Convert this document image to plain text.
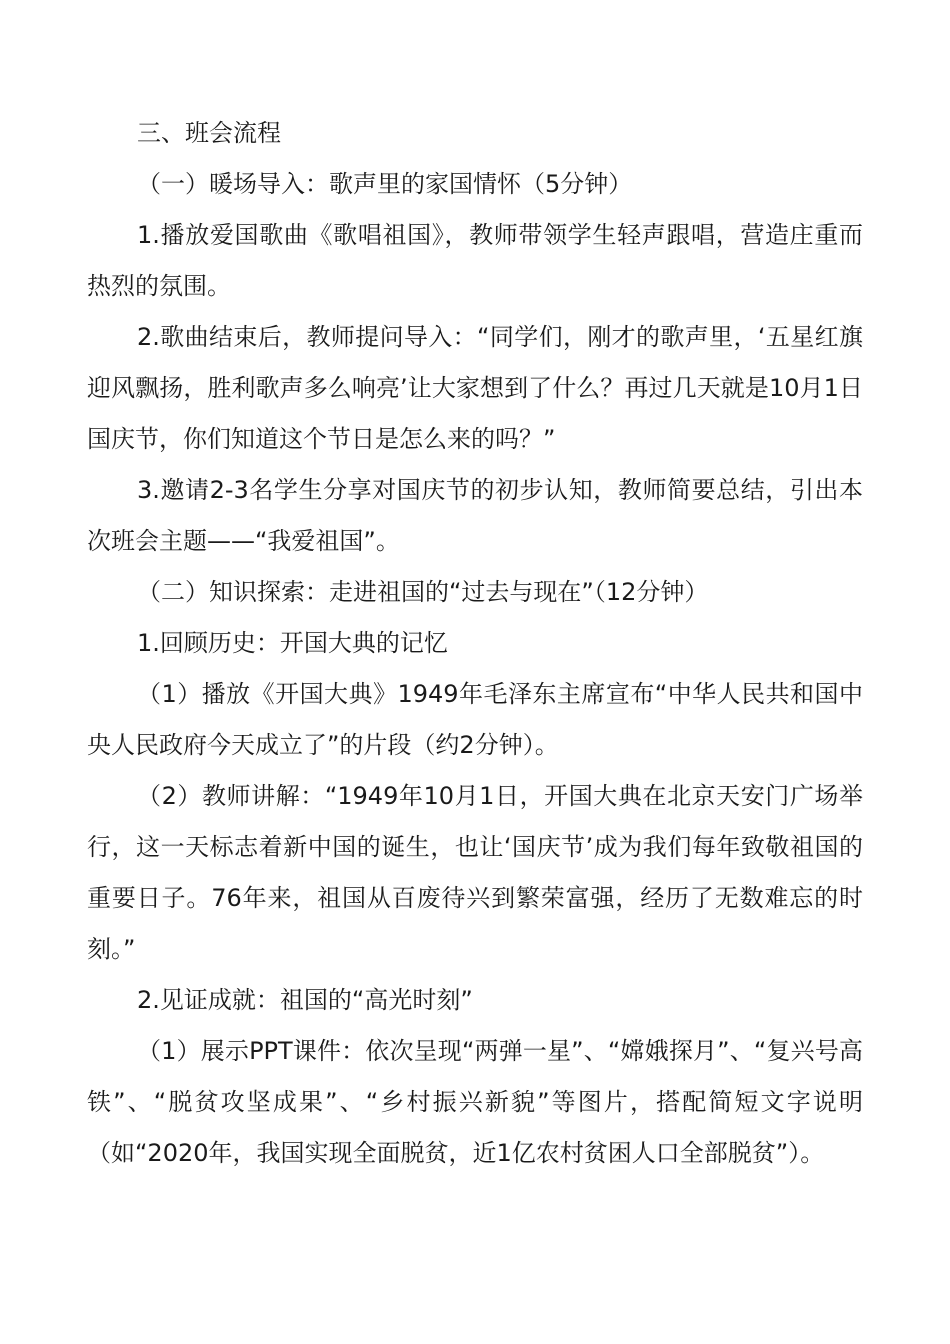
三、班会流程

（一）暖场导入：歌声里的家国情怀（5分钟）

1.播放爱国歌曲《歌唱祖国》，教师带领学生轻声跟唱，营造庄重而热烈的氛围。

2.歌曲结束后，教师提问导入：“同学们，刚才的歌声里，‘五星红旗迎风飘扬，胜利歌声多么响亮’让大家想到了什么？再过几天就是10月1日国庆节，你们知道这个节日是怎么来的吗？”

3.邀请2-3名学生分享对国庆节的初步认知，教师简要总结，引出本次班会主题——“我爱祖国”。

（二）知识探索：走进祖国的“过去与现在”（12分钟）

1.回顾历史：开国大典的记忆

（1）播放《开国大典》1949年毛泽东主席宣布“中华人民共和国中央人民政府今天成立了”的片段（约2分钟）。

（2）教师讲解：“1949年10月1日，开国大典在北京天安门广场举行，这一天标志着新中国的诞生，也让‘国庆节’成为我们每年致敬祖国的重要日子。76年来，祖国从百废待兴到繁荣富强，经历了无数难忘的时刻。”

2.见证成就：祖国的“高光时刻”

（1）展示PPT课件：依次呈现“两弹一星”、“嫦娥探月”、“复兴号高铁”、“脱贫攻坚成果”、“乡村振兴新貌”等图片，搭配简短文字说明（如“2020年，我国实现全面脱贫，近1亿农村贫困人口全部脱贫”）。
